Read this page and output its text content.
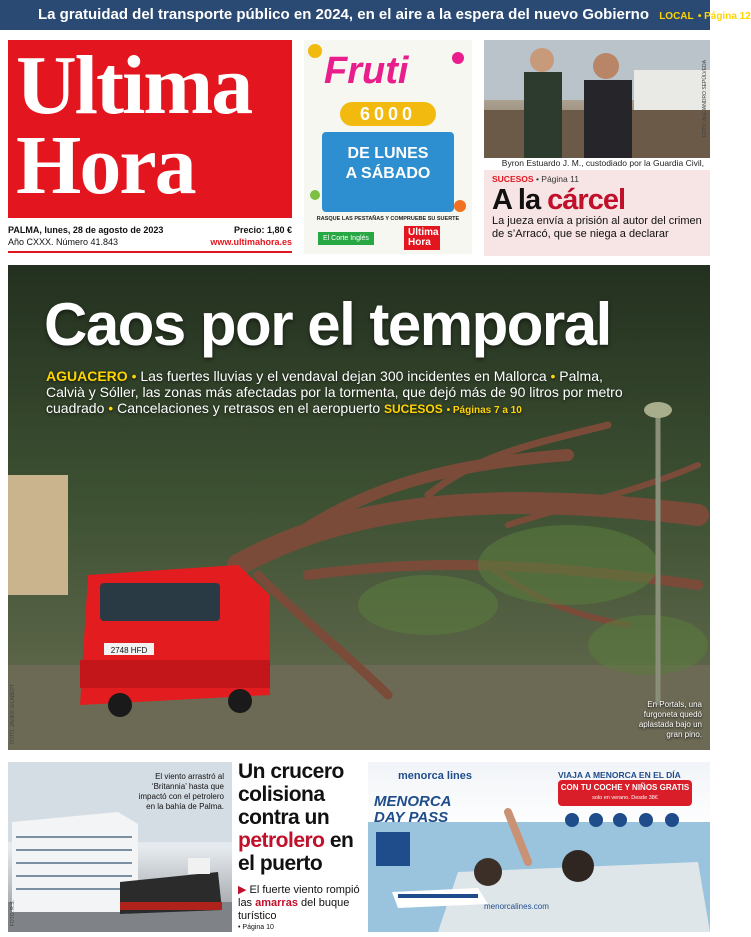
La gratuidad del transporte público en 2024, en el aire a la espera del nuevo Gobierno LOCAL • Página 12
Ultima
Hora
PALMA, lunes, 28 de agosto de 2023	Precio: 1,80 €
Año CXXX. Número 41.843	www.ultimahora.es
Fruti
6000
DE LUNES
A SÁBADO
RASQUE LAS PESTAÑAS Y COMPRUEBE SU SUERTE
El Corte Inglés
Ultima
Hora
FOTO: ALEJANDRO SEPÚLVEDA
Byron Estuardo J. M., custodiado por la Guardia Civil,
SUCESOS • Página 11
A la cárcel
La jueza envía a prisión al autor del crimen de s’Arracó, que se niega a declarar
2748 HFD
FOTO: JAVIER GILABERT
Caos por el temporal
AGUACERO • Las fuertes lluvias y el vendaval dejan 300 incidentes en Mallorca • Palma, Calvià y Sóller, las zonas más afectadas por la tormenta, que dejó más de 90 litros por metro cuadrado • Cancelaciones y retrasos en el aeropuerto SUCESOS • Páginas 7 a 10
En Portals, una furgoneta quedó aplastada bajo un gran pino.
FOTO: R.S.
El viento arrastró al ‘Britannia’ hasta que impactó con el petrolero en la bahía de Palma.
Un crucero colisiona contra un petrolero en el puerto
▶ El fuerte viento rompió las amarras del buque turístico
• Página 10
menorca lines
MENORCA
DAY PASS
VIAJA A MENORCA EN EL DÍA
CON TU COCHE Y NIÑOS GRATIS
solo en verano. Desde 38€
menorcalines.com
